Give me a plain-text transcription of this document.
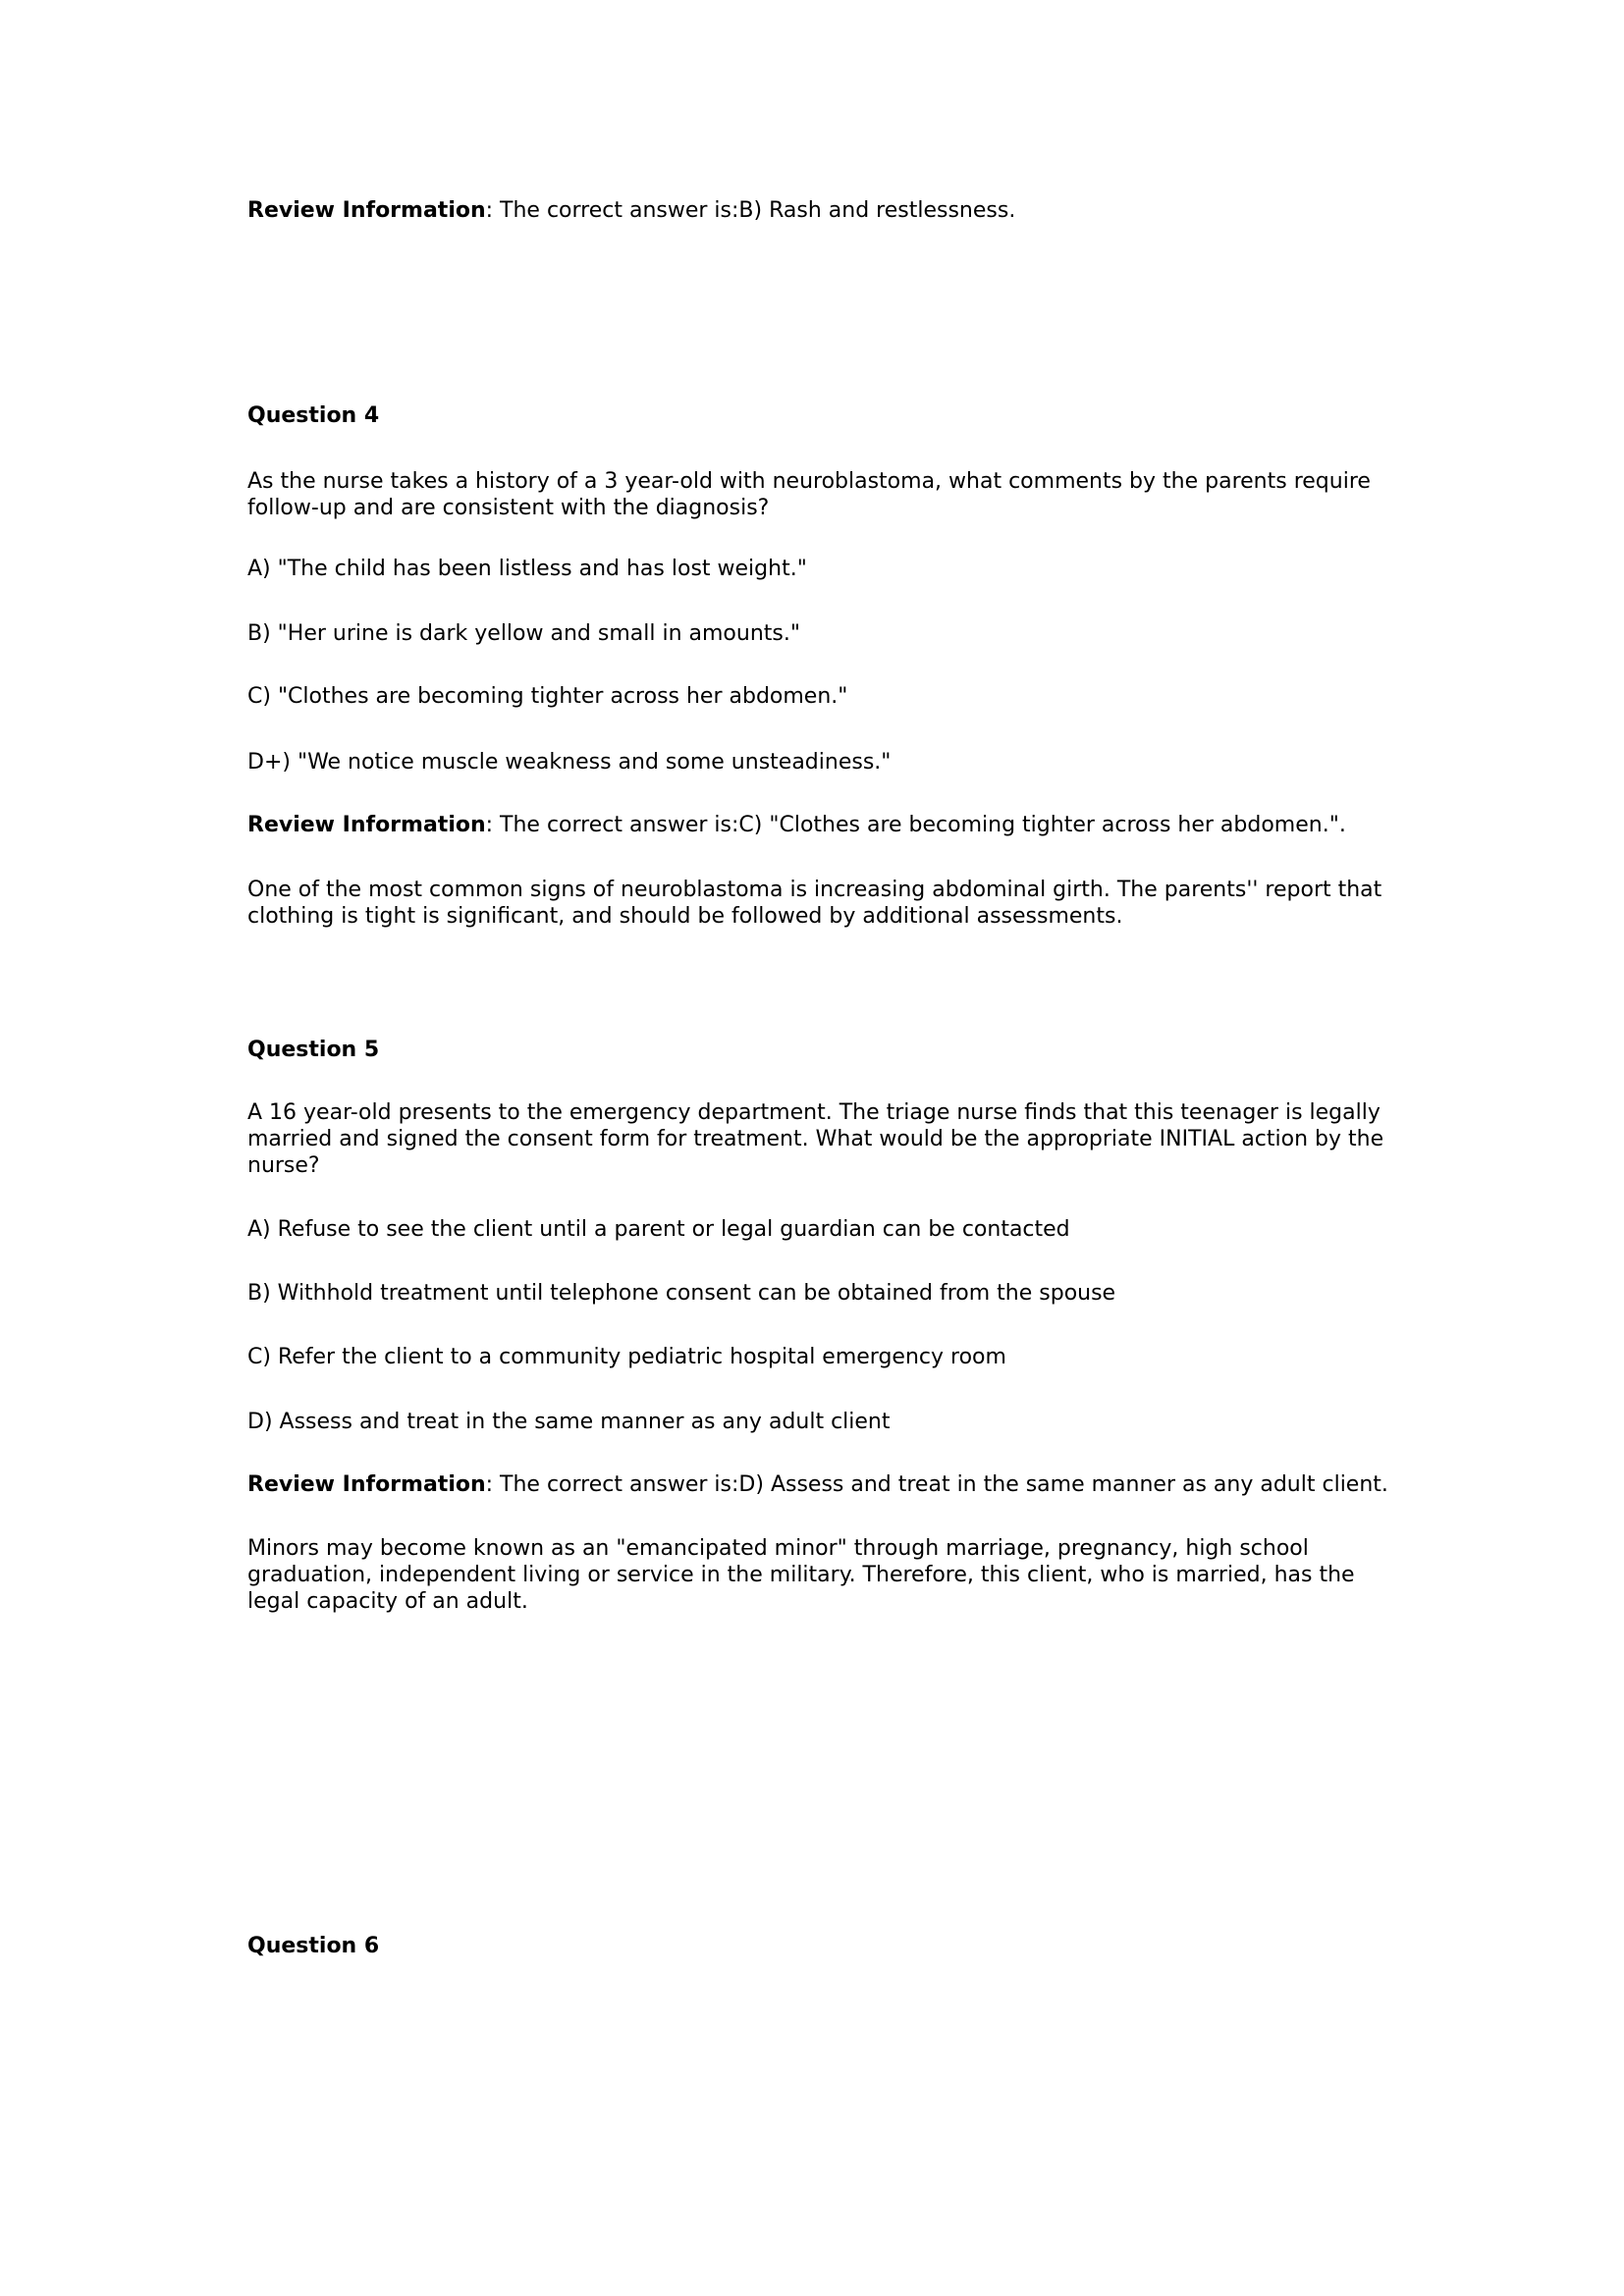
Review Information: The correct answer is:B) Rash and restlessness.
Question 4
As the nurse takes a history of a 3 year-old with neuroblastoma, what comments by the parents require
follow-up and are consistent with the diagnosis?
A) "The child has been listless and has lost weight."
B) "Her urine is dark yellow and small in amounts."
C) "Clothes are becoming tighter across her abdomen."
D+) "We notice muscle weakness and some unsteadiness."
Review Information: The correct answer is:C) "Clothes are becoming tighter across her abdomen.".
One of the most common signs of neuroblastoma is increasing abdominal girth. The parents'' report that
clothing is tight is significant, and should be followed by additional assessments.
Question 5
A 16 year-old presents to the emergency department. The triage nurse finds that this teenager is legally
married and signed the consent form for treatment. What would be the appropriate INITIAL action by the
nurse?
A) Refuse to see the client until a parent or legal guardian can be contacted
B) Withhold treatment until telephone consent can be obtained from the spouse
C) Refer the client to a community pediatric hospital emergency room
D) Assess and treat in the same manner as any adult client
Review Information: The correct answer is:D) Assess and treat in the same manner as any adult client.
Minors may become known as an "emancipated minor" through marriage, pregnancy, high school
graduation, independent living or service in the military. Therefore, this client, who is married, has the
legal capacity of an adult.
Question 6
